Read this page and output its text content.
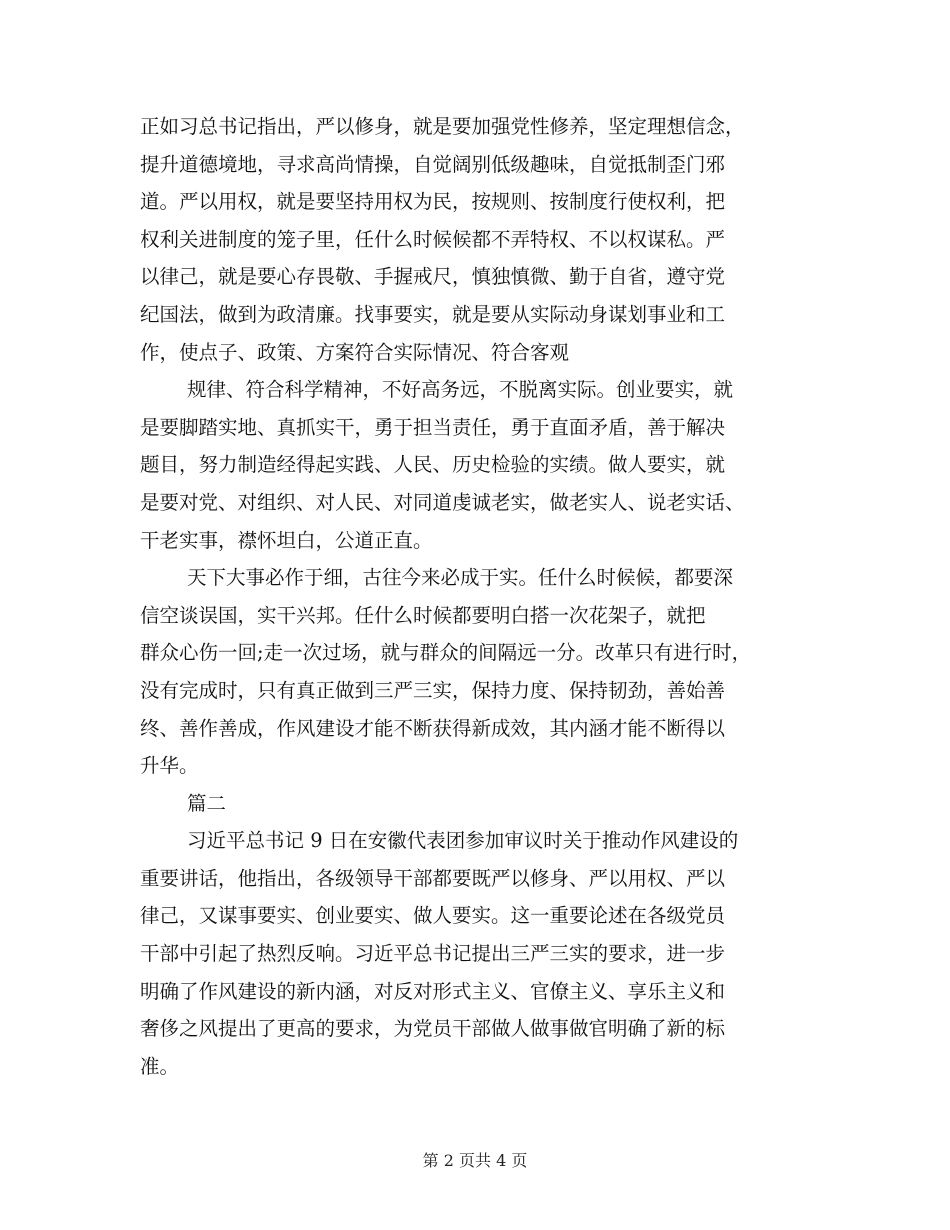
正如习总书记指出，严以修身，就是要加强党性修养，坚定理想信念，
提升道德境地，寻求高尚情操，自觉阔别低级趣味，自觉抵制歪门邪
道。严以用权，就是要坚持用权为民，按规则、按制度行使权利，把
权利关进制度的笼子里，任什么时候候都不弄特权、不以权谋私。严
以律己，就是要心存畏敬、手握戒尺，慎独慎微、勤于自省，遵守党
纪国法，做到为政清廉。找事要实，就是要从实际动身谋划事业和工
作，使点子、政策、方案符合实际情况、符合客观
规律、符合科学精神，不好高务远，不脱离实际。创业要实，就
是要脚踏实地、真抓实干，勇于担当责任，勇于直面矛盾，善于解决
题目，努力制造经得起实践、人民、历史检验的实绩。做人要实，就
是要对党、对组织、对人民、对同道虔诚老实，做老实人、说老实话、
干老实事，襟怀坦白，公道正直。
天下大事必作于细，古往今来必成于实。任什么时候候，都要深
信空谈误国，实干兴邦。任什么时候都要明白搭一次花架子，就把
群众心伤一回;走一次过场，就与群众的间隔远一分。改革只有进行时，
没有完成时，只有真正做到三严三实，保持力度、保持韧劲，善始善
终、善作善成，作风建设才能不断获得新成效，其内涵才能不断得以
升华。
篇二
习近平总书记 9 日在安徽代表团参加审议时关于推动作风建设的
重要讲话，他指出，各级领导干部都要既严以修身、严以用权、严以
律己，又谋事要实、创业要实、做人要实。这一重要论述在各级党员
干部中引起了热烈反响。习近平总书记提出三严三实的要求，进一步
明确了作风建设的新内涵，对反对形式主义、官僚主义、享乐主义和
奢侈之风提出了更高的要求，为党员干部做人做事做官明确了新的标
准。
第 2 页共 4 页
